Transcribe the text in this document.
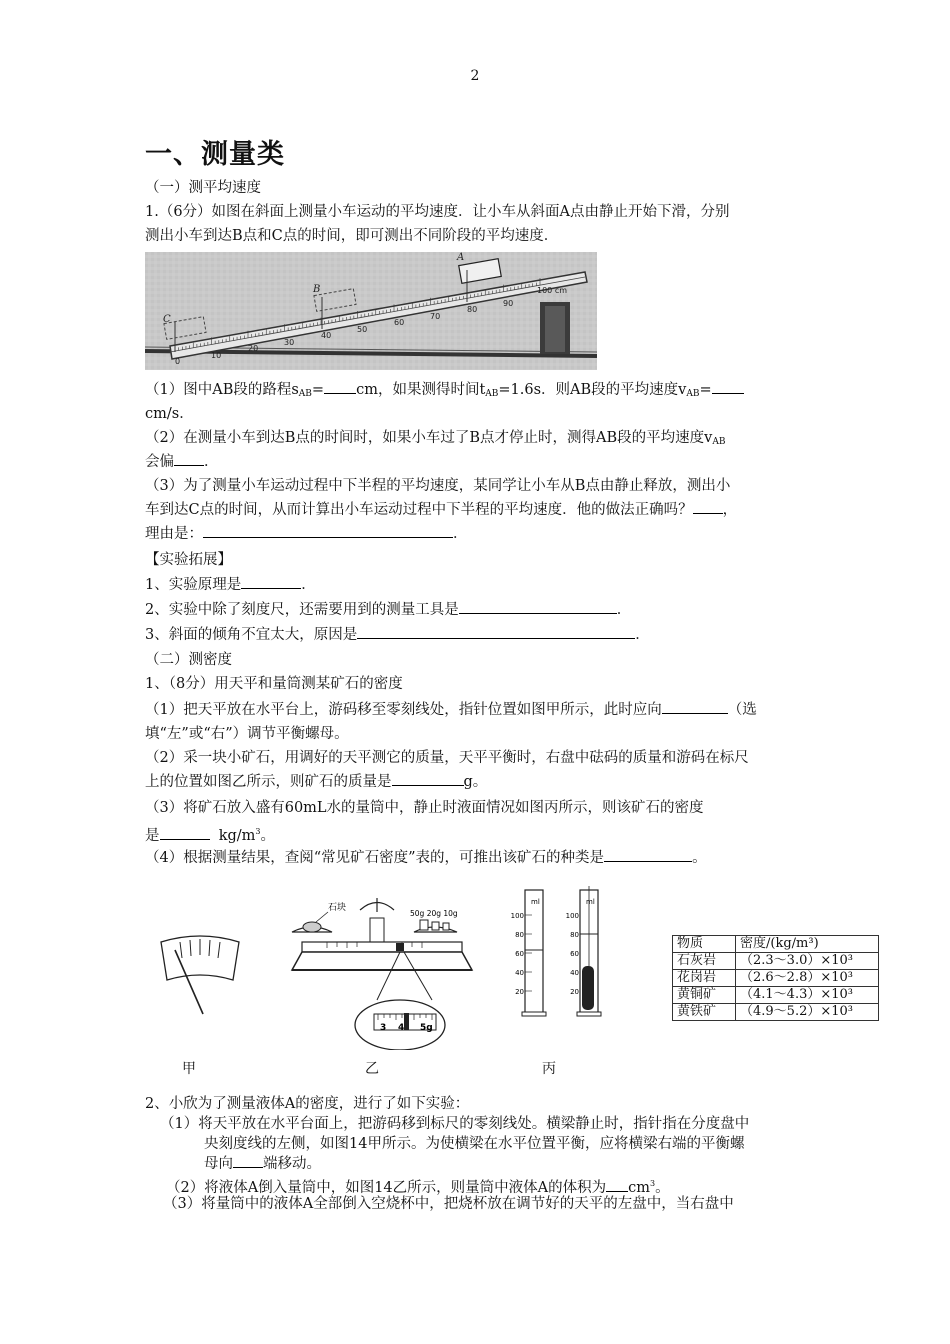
2
一、测量类
（一）测平均速度
1.（6分）如图在斜面上测量小车运动的平均速度．让小车从斜面A点由静止开始下滑，分别
测出小车到达B点和C点的时间，即可测出不同阶段的平均速度．
0
10
20
30
40
50
60
70
80
90
100 cm
A
B
C
（1）图中AB段的路程$s_{AB}=$ cm，如果测得时间$t_{AB}=1.6s$．则AB段的平均速度$v_{AB}=$
cm/s．
（2）在测量小车到达B点的时间时，如果小车过了B点才停止时，测得AB段的平均速度$v_{AB}$
会偏 ．
（3）为了测量小车运动过程中下半程的平均速度，某同学让小车从B点由静止释放，测出小
车到达C点的时间，从而计算出小车运动过程中下半程的平均速度．他的做法正确吗？ ，
理由是：	．
【实验拓展】
1、实验原理是	．
2、实验中除了刻度尺，还需要用到的测量工具是	．
3、斜面的倾角不宜太大，原因是	．
（二）测密度
1、（8分）用天平和量筒测某矿石的密度
（1）把天平放在水平台上，游码移至零刻线处，指针位置如图甲所示，此时应向	（选
填“左”或“右”）调节平衡螺母。
（2）采一块小矿石，用调好的天平测它的质量，天平平衡时，右盘中砝码的质量和游码在标尺
上的位置如图乙所示，则矿石的质量是	g。
（3）将矿石放入盛有60mL水的量筒中，静止时液面情况如图丙所示，则该矿石的密度
是	$kg/m^3$。
（4）根据测量结果，查阅“常见矿石密度”表的，可推出该矿石的种类是	。
甲
石块
50g 20g 10g
3 4 5g
乙
ml
100
80
60
40
20
ml
100
80
60
40
20
丙
物质	密度/(kg/m³)
石灰岩	（2.3～3.0）×10³
花岗岩	（2.6～2.8）×10³
黄铜矿	（4.1～4.3）×10³
黄铁矿	（4.9～5.2）×10³
2、小欣为了测量液体A的密度，进行了如下实验：
（1）将天平放在水平台面上，把游码移到标尺的零刻线处。横梁静止时，指针指在分度盘中
央刻度线的左侧，如图14甲所示。为使横梁在水平位置平衡，应将横梁右端的平衡螺
母向 端移动。
（2）将液体A倒入量筒中，如图14乙所示，则量筒中液体A的体积为 $cm^3$。
（3）将量筒中的液体A全部倒入空烧杯中，把烧杯放在调节好的天平的左盘中，当右盘中
